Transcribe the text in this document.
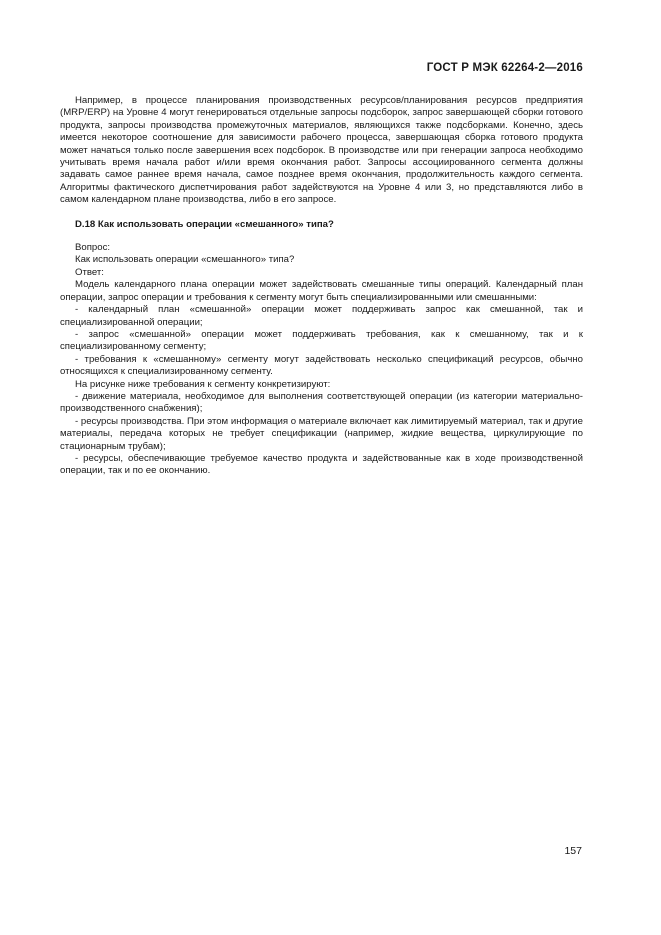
ГОСТ Р МЭК 62264-2—2016

Например, в процессе планирования производственных ресурсов/планирования ресурсов предприятия (MRP/ERP) на Уровне 4 могут генерироваться отдельные запросы подсборок, запрос завершающей сборки готового продукта, запросы производства промежуточных материалов, являющихся также подсборками. Конечно, здесь имеется некоторое соотношение для зависимости рабочего процесса, завершающая сборка готового продукта может начаться только после завершения всех подсборок. В производстве или при генерации запроса необходимо учитывать время начала работ и/или время окончания работ. Запросы ассоциированного сегмента должны задавать самое раннее время начала, самое позднее время окончания, продолжительность каждого сегмента. Алгоритмы фактического диспетчирования работ задействуются на Уровне 4 или 3, но представляются либо в самом календарном плане производства, либо в его запросе.

D.18 Как использовать операции «смешанного» типа?

Вопрос:

Как использовать операции «смешанного» типа?

Ответ:

Модель календарного плана операции может задействовать смешанные типы операций. Календарный план операции, запрос операции и требования к сегменту могут быть специализированными или смешанными:

- календарный план «смешанной» операции может поддерживать запрос как смешанной, так и специализированной операции;

- запрос «смешанной» операции может поддерживать требования, как к смешанному, так и к специализированному сегменту;

- требования к «смешанному» сегменту могут задействовать несколько спецификаций ресурсов, обычно относящихся к специализированному сегменту.

На рисунке ниже требования к сегменту конкретизируют:

- движение материала, необходимое для выполнения соответствующей операции (из категории материально-производственного снабжения);

- ресурсы производства. При этом информация о материале включает как лимитируемый материал, так и другие материалы, передача которых не требует спецификации (например, жидкие вещества, циркулирующие по стационарным трубам);

- ресурсы, обеспечивающие требуемое качество продукта и задействованные как в ходе производственной операции, так и по ее окончанию.

157
